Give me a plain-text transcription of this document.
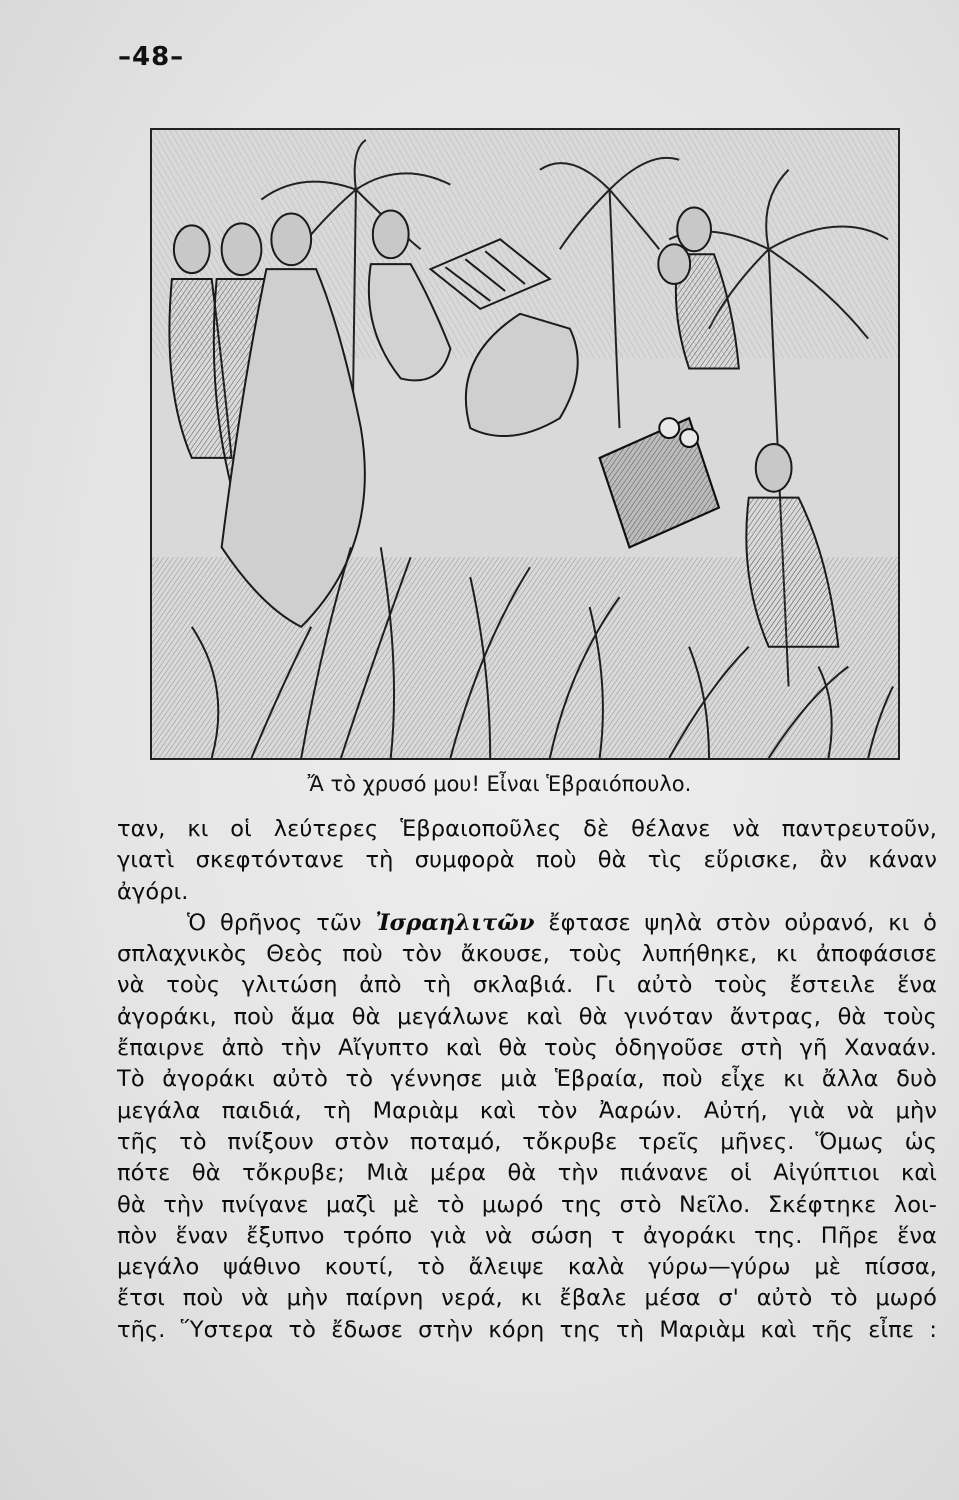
–48–
Ἄ τὸ χρυσό μου! Εἶναι Ἑβραιόπουλο.
ταν, κι οἱ λεύτερες Ἑβραιοποῦλες δὲ θέλανε νὰ παντρευτοῦν,
γιατὶ σκεφτόντανε τὴ συμφορὰ ποὺ θὰ τὶς εὕρισκε, ἂν κάναν
ἀγόρι.
Ὁ θρῆνος τῶν Ἰσραηλιτῶν ἔφτασε ψηλὰ στὸν οὐρανό, κι ὁ
σπλαχνικὸς Θεὸς ποὺ τὸν ἄκουσε, τοὺς λυπήθηκε, κι ἀποφάσισε
νὰ τοὺς γλιτώση ἀπὸ τὴ σκλαβιά. Γι αὐτὸ τοὺς ἔστειλε ἕνα
ἀγοράκι, ποὺ ἅμα θὰ μεγάλωνε καὶ θὰ γινόταν ἄντρας, θὰ τοὺς
ἔπαιρνε ἀπὸ τὴν Αἴγυπτο καὶ θὰ τοὺς ὁδηγοῦσε στὴ γῆ Χαναάν.
Τὸ ἀγοράκι αὐτὸ τὸ γέννησε μιὰ Ἑβραία, ποὺ εἶχε κι ἄλλα δυὸ
μεγάλα παιδιά, τὴ Μαριὰμ καὶ τὸν Ἀαρών. Αὐτή, γιὰ νὰ μὴν
τῆς τὸ πνίξουν στὸν ποταμό, τὄκρυβε τρεῖς μῆνες. Ὅμως ὡς
πότε θὰ τὄκρυβε; Μιὰ μέρα θὰ τὴν πιάνανε οἱ Αἰγύπτιοι καὶ
θὰ τὴν πνίγανε μαζὶ μὲ τὸ μωρό της στὸ Νεῖλο. Σκέφτηκε λοι-
πὸν ἕναν ἔξυπνο τρόπο γιὰ νὰ σώση τ ἀγοράκι της. Πῆρε ἕνα
μεγάλο ψάθινο κουτί, τὸ ἄλειψε καλὰ γύρω—γύρω μὲ πίσσα,
ἔτσι ποὺ νὰ μὴν παίρνη νερά, κι ἔβαλε μέσα σ' αὐτὸ τὸ μωρό
τῆς. Ὕστερα τὸ ἔδωσε στὴν κόρη της τὴ Μαριὰμ καὶ τῆς εἶπε :
